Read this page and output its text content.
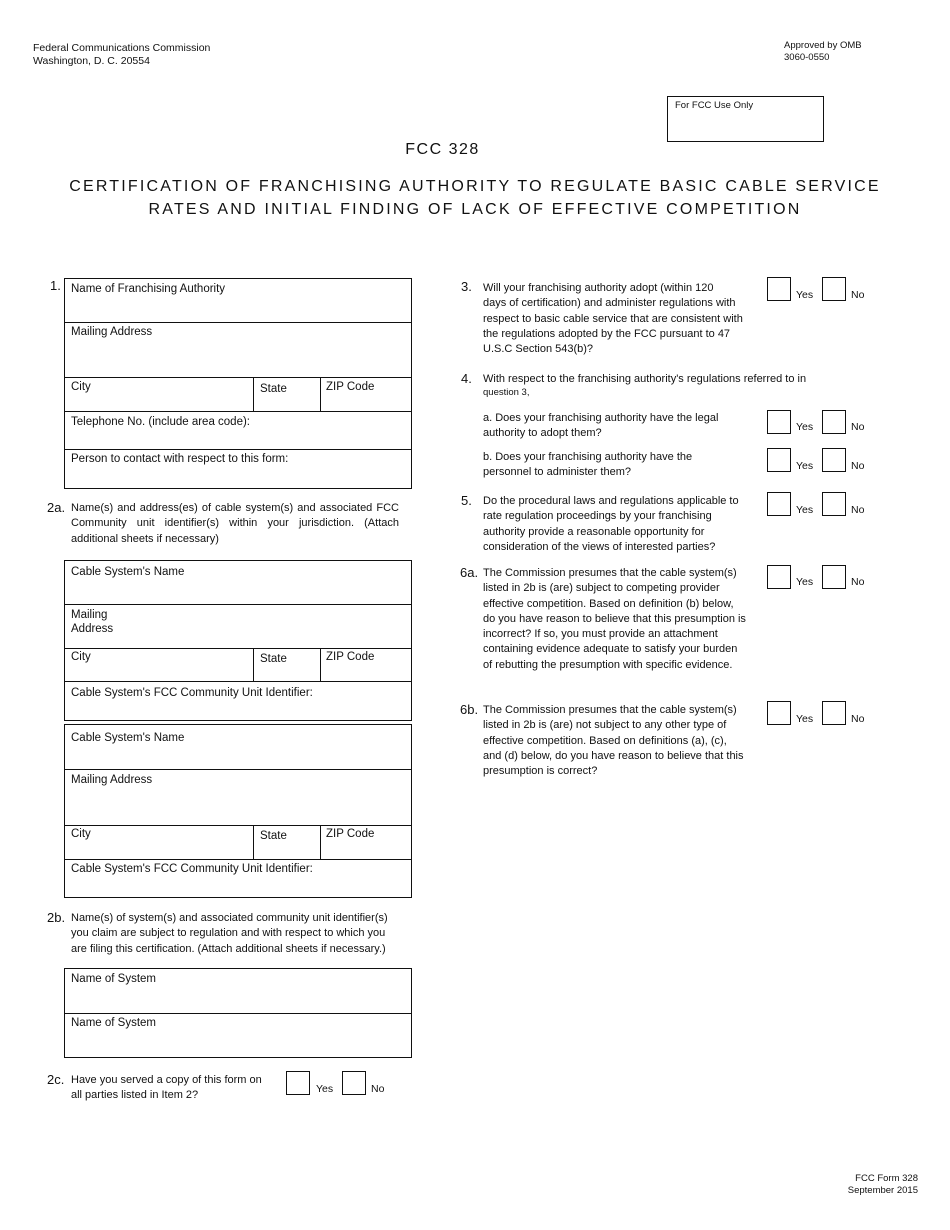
Federal Communications Commission
Washington, D. C. 20554
Approved by OMB
3060-0550
For FCC Use Only
FCC 328
CERTIFICATION OF FRANCHISING AUTHORITY TO REGULATE BASIC CABLE SERVICE
RATES AND INITIAL FINDING OF LACK OF EFFECTIVE COMPETITION
1. Name of Franchising Authority
Mailing Address
City	State	ZIP Code
Telephone No. (include area code):
Person to contact with respect to this form:
2a. Name(s) and address(es) of cable system(s) and associated FCC
Community unit identifier(s) within your jurisdiction. (Attach
additional sheets if necessary)
Cable System's Name
Mailing
Address
City	State	ZIP Code
Cable System's FCC Community Unit Identifier:
Cable System's Name
Mailing Address
City	State	ZIP Code
Cable System's FCC Community Unit Identifier:
2b. Name(s) of system(s) and associated community unit identifier(s)
you claim are subject to regulation and with respect to which you
are filing this certification. (Attach additional sheets if necessary.)
Name of System
Name of System
2c. Have you served a copy of this form on
all parties listed in Item 2?
Yes	No
3. Will your franchising authority adopt (within 120
days of certification) and administer regulations with
respect to basic cable service that are consistent with
the regulations adopted by the FCC pursuant to 47
U.S.C Section 543(b)?
Yes	No
4. With respect to the franchising authority's regulations referred to in
question 3,
a. Does your franchising authority have the legal
authority to adopt them?
Yes	No
b. Does your franchising authority have the
personnel to administer them?
Yes	No
5. Do the procedural laws and regulations applicable to
rate regulation proceedings by your franchising
authority provide a reasonable opportunity for
consideration of the views of interested parties?
Yes	No
6a. The Commission presumes that the cable system(s)
listed in 2b is (are) subject to competing provider
effective competition. Based on definition (b) below,
do you have reason to believe that this presumption is
incorrect? If so, you must provide an attachment
containing evidence adequate to satisfy your burden
of rebutting the presumption with specific evidence.
Yes	No
6b. The Commission presumes that the cable system(s)
listed in 2b is (are) not subject to any other type of
effective competition. Based on definitions (a), (c),
and (d) below, do you have reason to believe that this
presumption is correct?
Yes	No
FCC Form 328
September 2015
